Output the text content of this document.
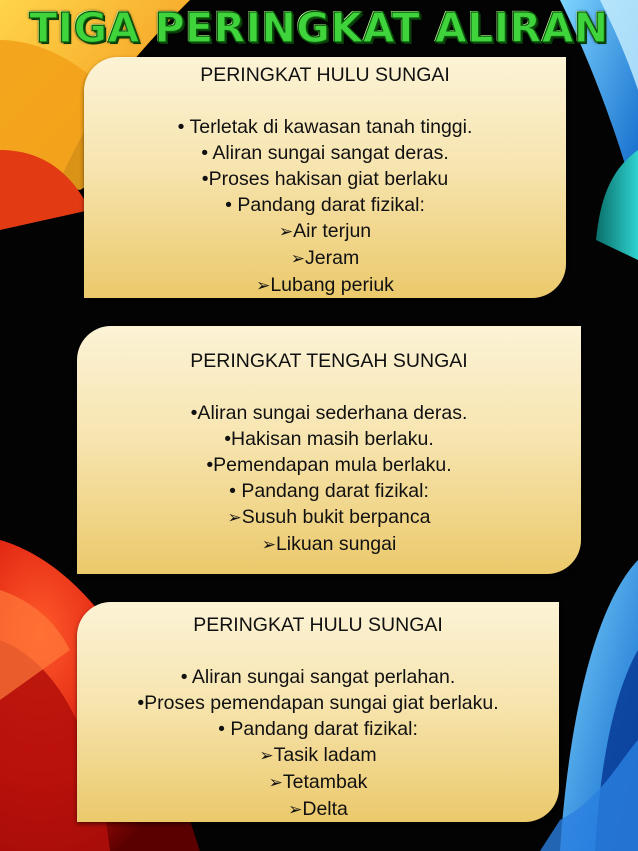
TIGA PERINGKAT ALIRAN
PERINGKAT HULU SUNGAI
• Terletak di kawasan tanah tinggi.
• Aliran sungai sangat deras.
•Proses hakisan giat berlaku
• Pandang darat fizikal:
➢Air terjun
➢Jeram
➢Lubang periuk
PERINGKAT TENGAH SUNGAI
•Aliran sungai sederhana deras.
•Hakisan masih berlaku.
•Pemendapan mula berlaku.
• Pandang darat fizikal:
➢Susuh bukit berpanca
➢Likuan sungai
PERINGKAT HULU SUNGAI
• Aliran sungai sangat perlahan.
•Proses pemendapan sungai giat berlaku.
• Pandang darat fizikal:
➢Tasik ladam
➢Tetambak
➢Delta
